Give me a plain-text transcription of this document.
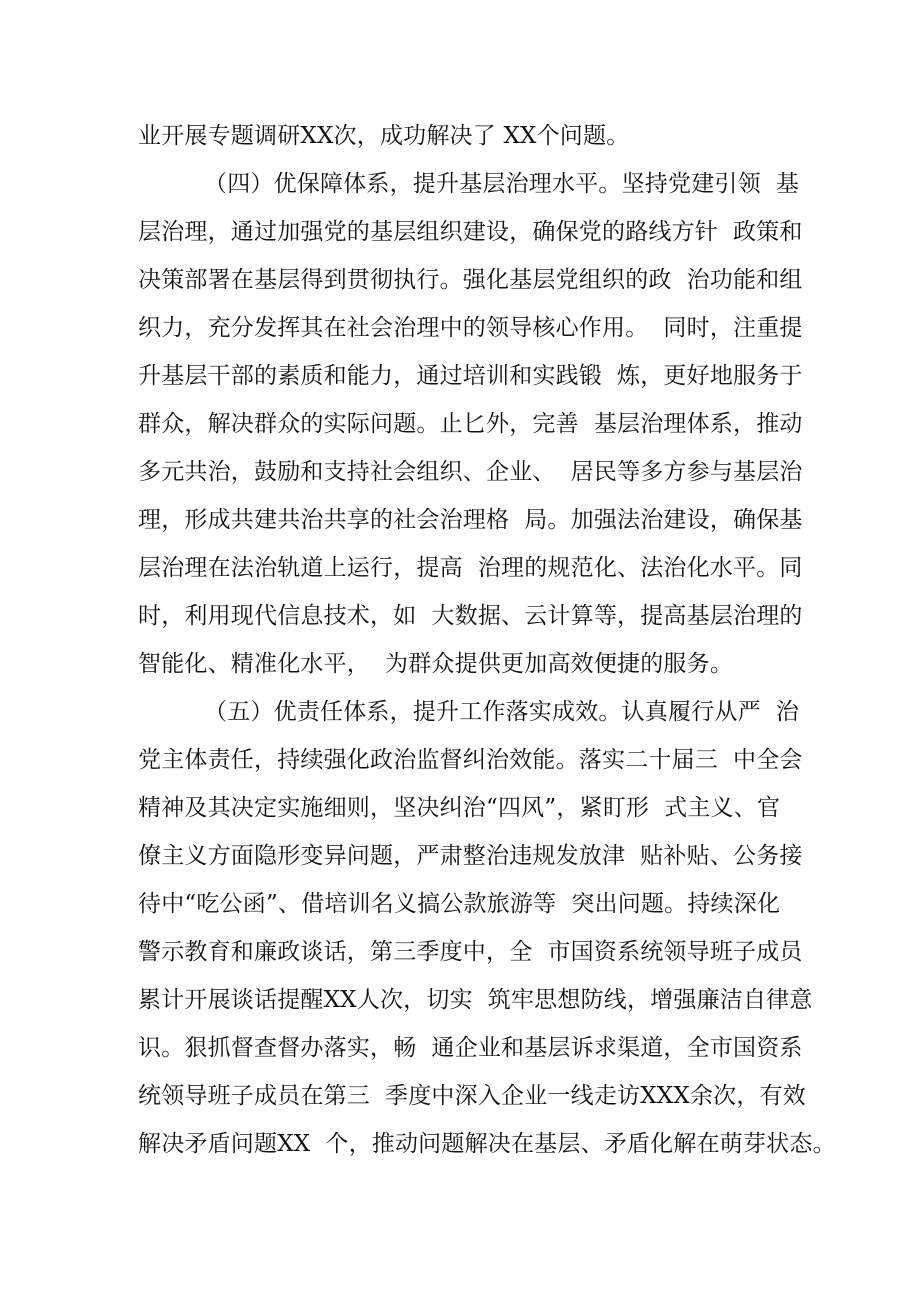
业开展专题调研XX次，成功解决了 XX个问题。
（四）优保障体系，提升基层治理水平。坚持党建引领  基
层治理，通过加强党的基层组织建设，确保党的路线方针  政策和
决策部署在基层得到贯彻执行。强化基层党组织的政  治功能和组
织力，充分发挥其在社会治理中的领导核心作用。  同时，注重提
升基层干部的素质和能力，通过培训和实践锻  炼，更好地服务于
群众，解决群众的实际问题。止匕外，完善  基层治理体系，推动
多元共治，鼓励和支持社会组织、企业、  居民等多方参与基层治
理，形成共建共治共享的社会治理格  局。加强法治建设，确保基
层治理在法治轨道上运行，提高  治理的规范化、法治化水平。同
时，利用现代信息技术，如  大数据、云计算等，提高基层治理的
智能化、精准化水平，  为群众提供更加高效便捷的服务。
（五）优责任体系，提升工作落实成效。认真履行从严  治
党主体责任，持续强化政治监督纠治效能。落实二十届三  中全会
精神及其决定实施细则，坚决纠治“四风”，紧盯形  式主义、官
僚主义方面隐形变异问题，严肃整治违规发放津  贴补贴、公务接
待中“吃公函”、借培训名义搞公款旅游等  突出问题。持续深化
警示教育和廉政谈话，第三季度中，全  市国资系统领导班子成员
累计开展谈话提醒XX人次，切实  筑牢思想防线，增强廉洁自律意
识。狠抓督查督办落实，畅  通企业和基层诉求渠道，全市国资系
统领导班子成员在第三  季度中深入企业一线走访XXX余次，有效
解决矛盾问题XX  个，推动问题解决在基层、矛盾化解在萌芽状态。
